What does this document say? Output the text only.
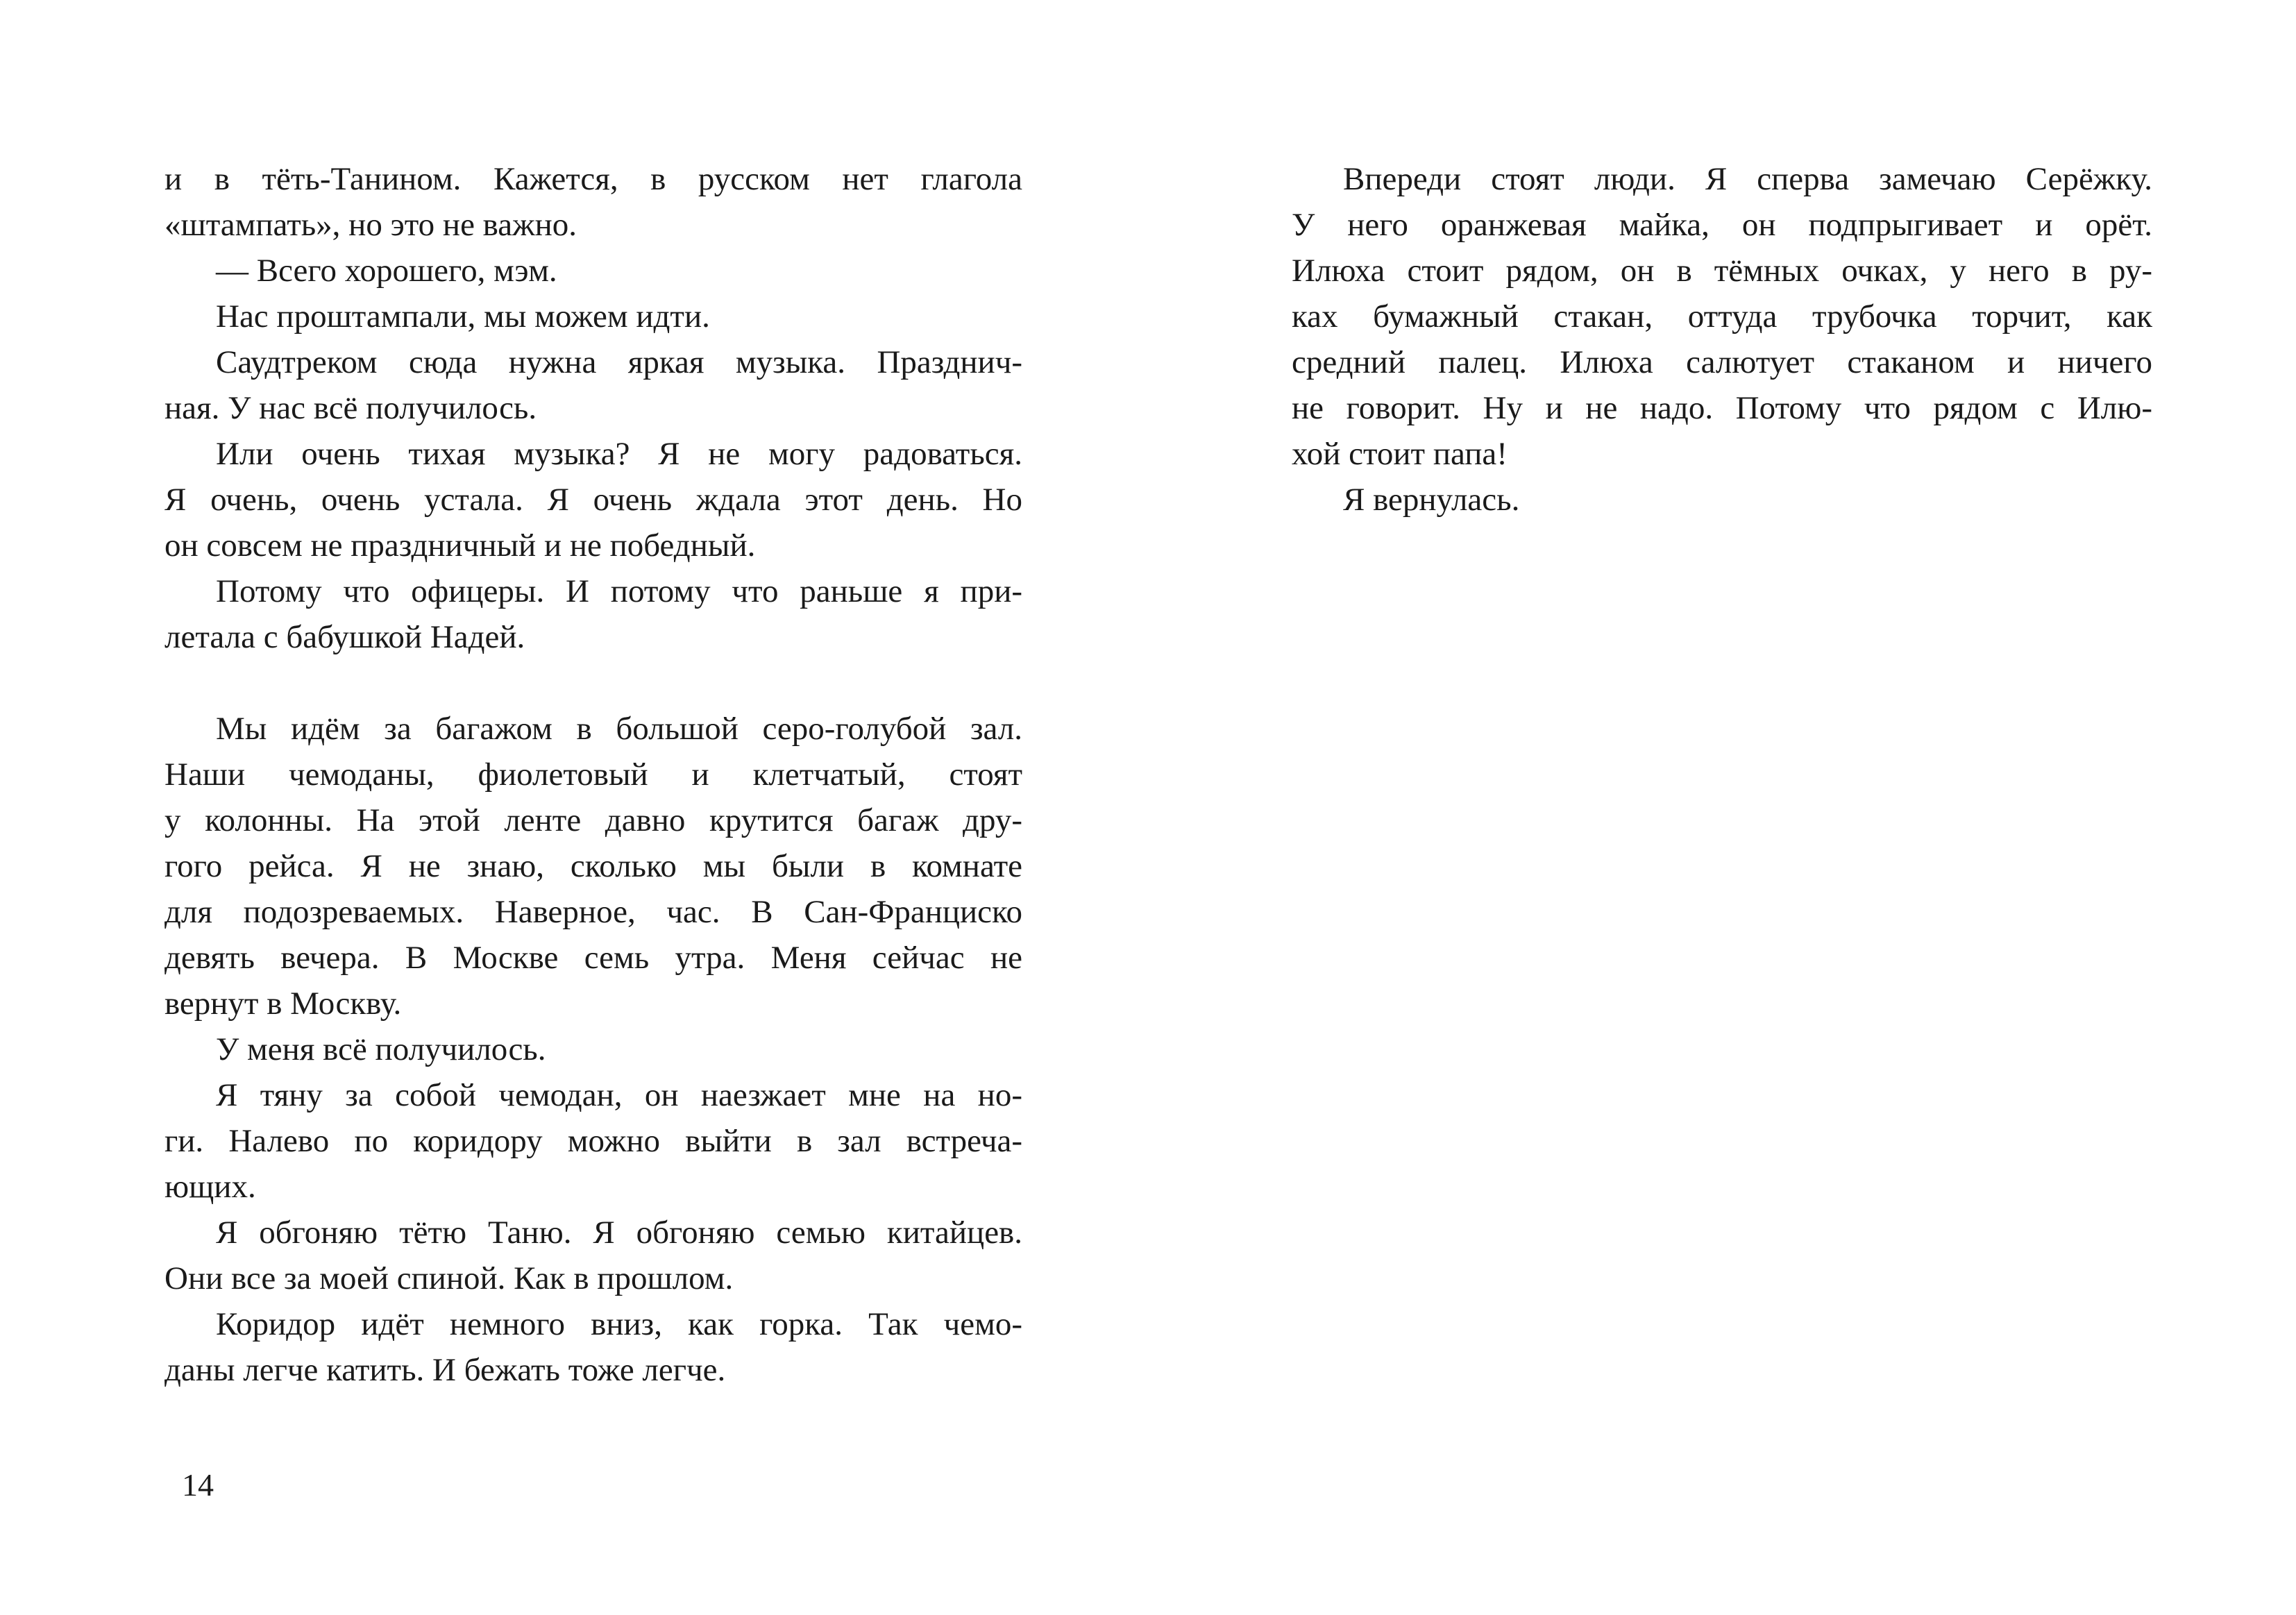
и в тёть-Танином. Кажется, в русском нет глагола
«штампать», но это не важно.
— Всего хорошего, мэм.
Нас проштампали, мы можем идти.
Саудтреком сюда нужна яркая музыка. Празднич-
ная. У нас всё получилось.
Или очень тихая музыка? Я не могу радоваться.
Я очень, очень устала. Я очень ждала этот день. Но
он совсем не праздничный и не победный.
Потому что офицеры. И потому что раньше я при-
летала с бабушкой Надей.
Мы идём за багажом в большой серо-голубой зал.
Наши чемоданы, фиолетовый и клетчатый, стоят
у колонны. На этой ленте давно крутится багаж дру-
гого рейса. Я не знаю, сколько мы были в комнате
для подозреваемых. Наверное, час. В Сан-Франциско
девять вечера. В Москве семь утра. Меня сейчас не
вернут в Москву.
У меня всё получилось.
Я тяну за собой чемодан, он наезжает мне на но-
ги. Налево по коридору можно выйти в зал встреча-
ющих.
Я обгоняю тётю Таню. Я обгоняю семью китайцев.
Они все за моей спиной. Как в прошлом.
Коридор идёт немного вниз, как горка. Так чемо-
даны легче катить. И бежать тоже легче.
14
Впереди стоят люди. Я сперва замечаю Серёжку.
У него оранжевая майка, он подпрыгивает и орёт.
Илюха стоит рядом, он в тёмных очках, у него в ру-
ках бумажный стакан, оттуда трубочка торчит, как
средний палец. Илюха салютует стаканом и ничего
не говорит. Ну и не надо. Потому что рядом с Илю-
хой стоит папа!
Я вернулась.
